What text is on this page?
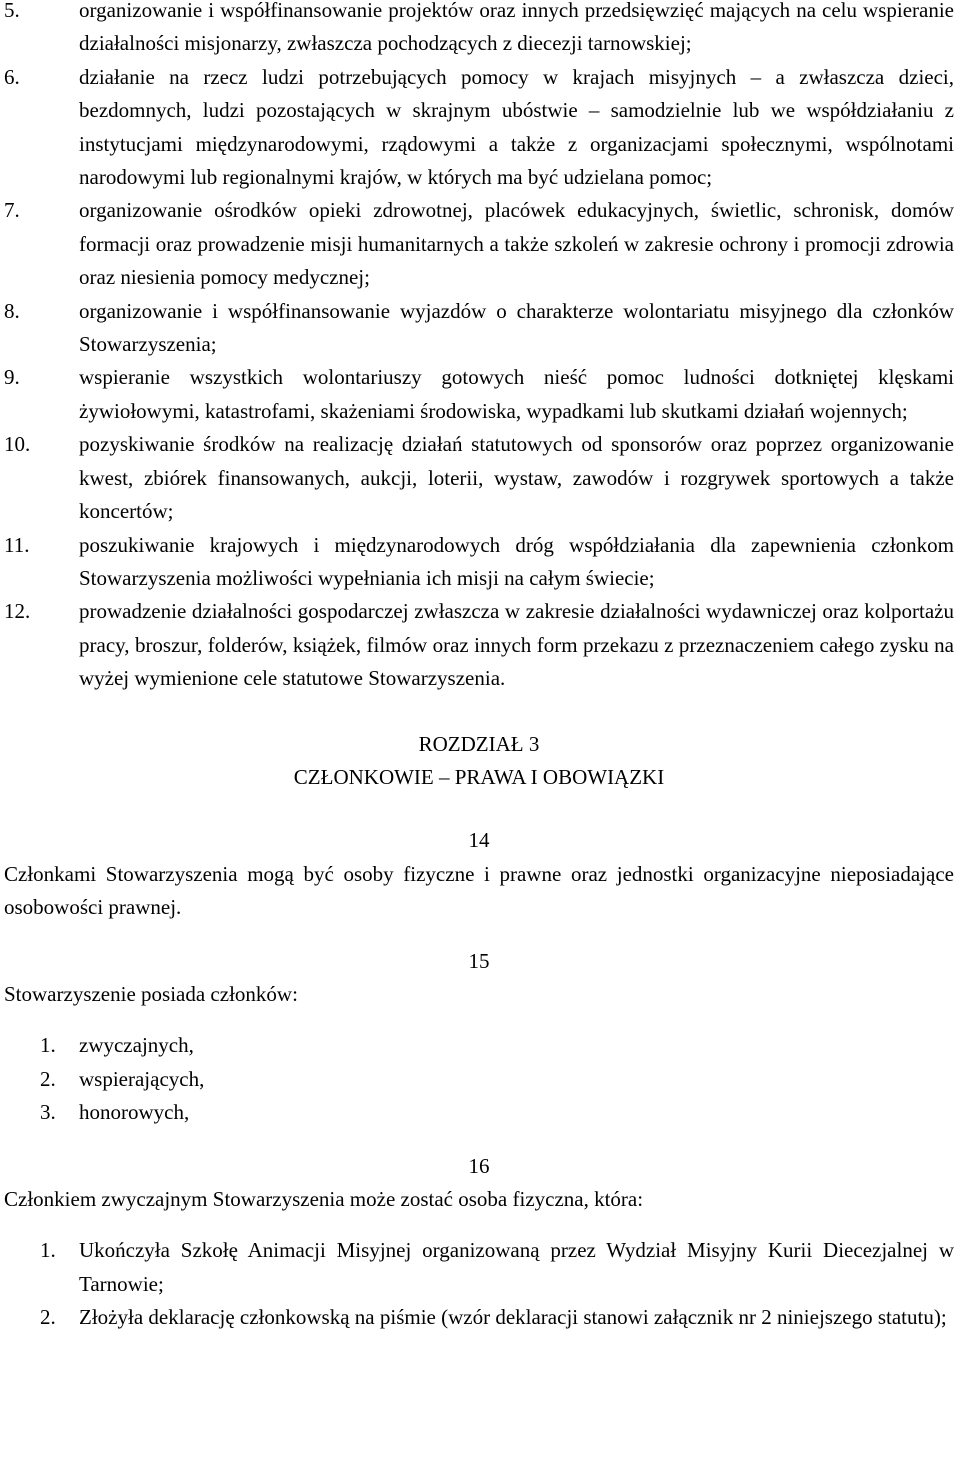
5.	organizowanie i współfinansowanie projektów oraz innych przedsięwzięć mających na celu wspieranie działalności misjonarzy, zwłaszcza pochodzących z diecezji tarnowskiej;
6.	działanie na rzecz ludzi potrzebujących pomocy w krajach misyjnych – a zwłaszcza dzieci, bezdomnych, ludzi pozostających w skrajnym ubóstwie – samodzielnie lub we współdziałaniu z instytucjami międzynarodowymi, rządowymi a także z organizacjami społecznymi, wspólnotami narodowymi lub regionalnymi krajów, w których ma być udzielana pomoc;
7.	organizowanie ośrodków opieki zdrowotnej, placówek edukacyjnych, świetlic, schronisk, domów formacji oraz prowadzenie misji humanitarnych a także szkoleń w zakresie ochrony i promocji zdrowia oraz niesienia pomocy medycznej;
8.	organizowanie i współfinansowanie wyjazdów o charakterze wolontariatu misyjnego dla członków Stowarzyszenia;
9.	wspieranie wszystkich wolontariuszy gotowych nieść pomoc ludności dotkniętej klęskami żywiołowymi, katastrofami, skażeniami środowiska, wypadkami lub skutkami działań wojennych;
10. pozyskiwanie środków na realizację działań statutowych od sponsorów oraz poprzez organizowanie kwest, zbiórek finansowanych, aukcji, loterii, wystaw, zawodów i rozgrywek sportowych a także koncertów;
11. poszukiwanie krajowych i międzynarodowych dróg współdziałania dla zapewnienia członkom Stowarzyszenia możliwości wypełniania ich misji na całym świecie;
12. prowadzenie działalności gospodarczej zwłaszcza w zakresie działalności wydawniczej oraz kolportażu pracy, broszur, folderów, książek, filmów oraz innych form przekazu z przeznaczeniem całego zysku na wyżej wymienione cele statutowe Stowarzyszenia.
ROZDZIAŁ 3
CZŁONKOWIE – PRAWA I OBOWIĄZKI
14
Członkami Stowarzyszenia mogą być osoby fizyczne i prawne oraz jednostki organizacyjne nieposiadające osobowości prawnej.
15
Stowarzyszenie posiada członków:
1. zwyczajnych,
2. wspierających,
3. honorowych,
16
Członkiem zwyczajnym Stowarzyszenia może zostać osoba fizyczna, która:
1. Ukończyła Szkołę Animacji Misyjnej organizowaną przez Wydział Misyjny Kurii Diecezjalnej w Tarnowie;
2. Złożyła deklarację członkowską na piśmie (wzór deklaracji stanowi załącznik nr 2 niniejszego statutu);
